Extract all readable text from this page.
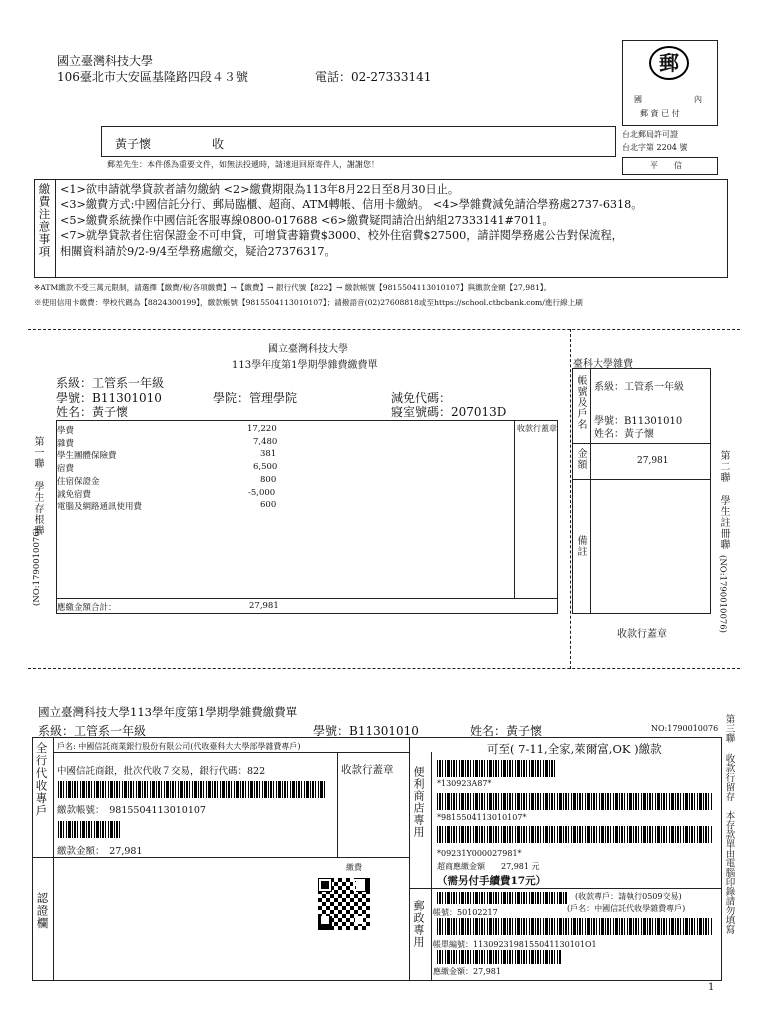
國立臺灣科技大學
106臺北市大安區基隆路四段４３號	電話：02-27333141
黃子懷	收
郵差先生：本件係為重要文件，如無法投遞時，請速退回原寄件人，謝謝您！
郵
國	內
郵 資 已 付
台北郵局許可證
台北字第 2204 號
平　　信
繳費注意事項 <1>欲申請就學貸款者請勿繳納 <2>繳費期限為113年8月22日至8月30日止。
<3>繳費方式:中國信託分行、郵局臨櫃、超商、ATM轉帳、信用卡繳納。 <4>學雜費減免請洽學務處2737-6318。
<5>繳費系統操作中國信託客服專線0800-017688 <6>繳費疑問請洽出納組27333141#7011。
<7>就學貸款者住宿保證金不可申貸，可增貸書籍費$3000、校外住宿費$27500，請詳閱學務處公告對保流程，
相關資料請於9/2-9/4至學務處繳交，疑洽27376317。
※ATM繳款不受三萬元限制，請選擇【繳費/稅/各項繳費】→【繳費】→ 銀行代號【822】→ 繳款帳號【9815504113010107】與繳款金額【27,981】。
※使用信用卡繳費：學校代碼為【8824300199】，繳款帳號【9815504113010107】；請撥語音(02)27608818或至https://school.ctbcbank.com/進行線上刷
國立臺灣科技大學
113學年度第1學期學雜費繳費單
系級：工管系一年級
學號：B11301010
姓名：黃子懷
學院：管理學院	減免代碼：
寢室號碼：207013D
收款行蓋章
學費	17,220
雜費	7,480
學生團體保險費	381
宿費	6,500
住宿保證金	800
減免宿費	-5,000
電腦及網路通訊使用費	600
應繳金額合計：	27,981
第一聯 學生存根聯
(NO:1790010076)
臺科大學雜費
帳號及戶名 系級：工管系一年級
學號：B11301010
姓名：黃子懷
金額	27,981
備註
收款行蓋章
第二聯 學生註冊聯
(NO:1790010076)
國立臺灣科技大學113學年度第1學期學雜費繳費單
系級：工管系一年級	學號：B11301010	姓名：黃子懷	NO:1790010076
戶名: 中國信託商業銀行股份有限公司(代收臺科大大學部學雜費專戶)
全行代收專戶 中國信託商銀，批次代收７交易，銀行代碼：822	收款行蓋章
繳款帳號：　9815504113010107
繳款金額：　27,981
認證欄
繳費
便利商店專用
可至( 7-11,全家,萊爾富,OK )繳款
*130923A87*
*9815504113010107*
*09231Y000027981*
超商應繳金額　　27,981 元
（需另付手續費17元）
郵政專用
(收款專戶：請執行0509交易)
(戶名：中國信託代收學雜費專戶)
帳號：50102217
帳單編號：1130923198155041130101O1
應繳金額：27,981
第三聯 收款行留存　本存款單由電腦印錄請勿填寫
1
